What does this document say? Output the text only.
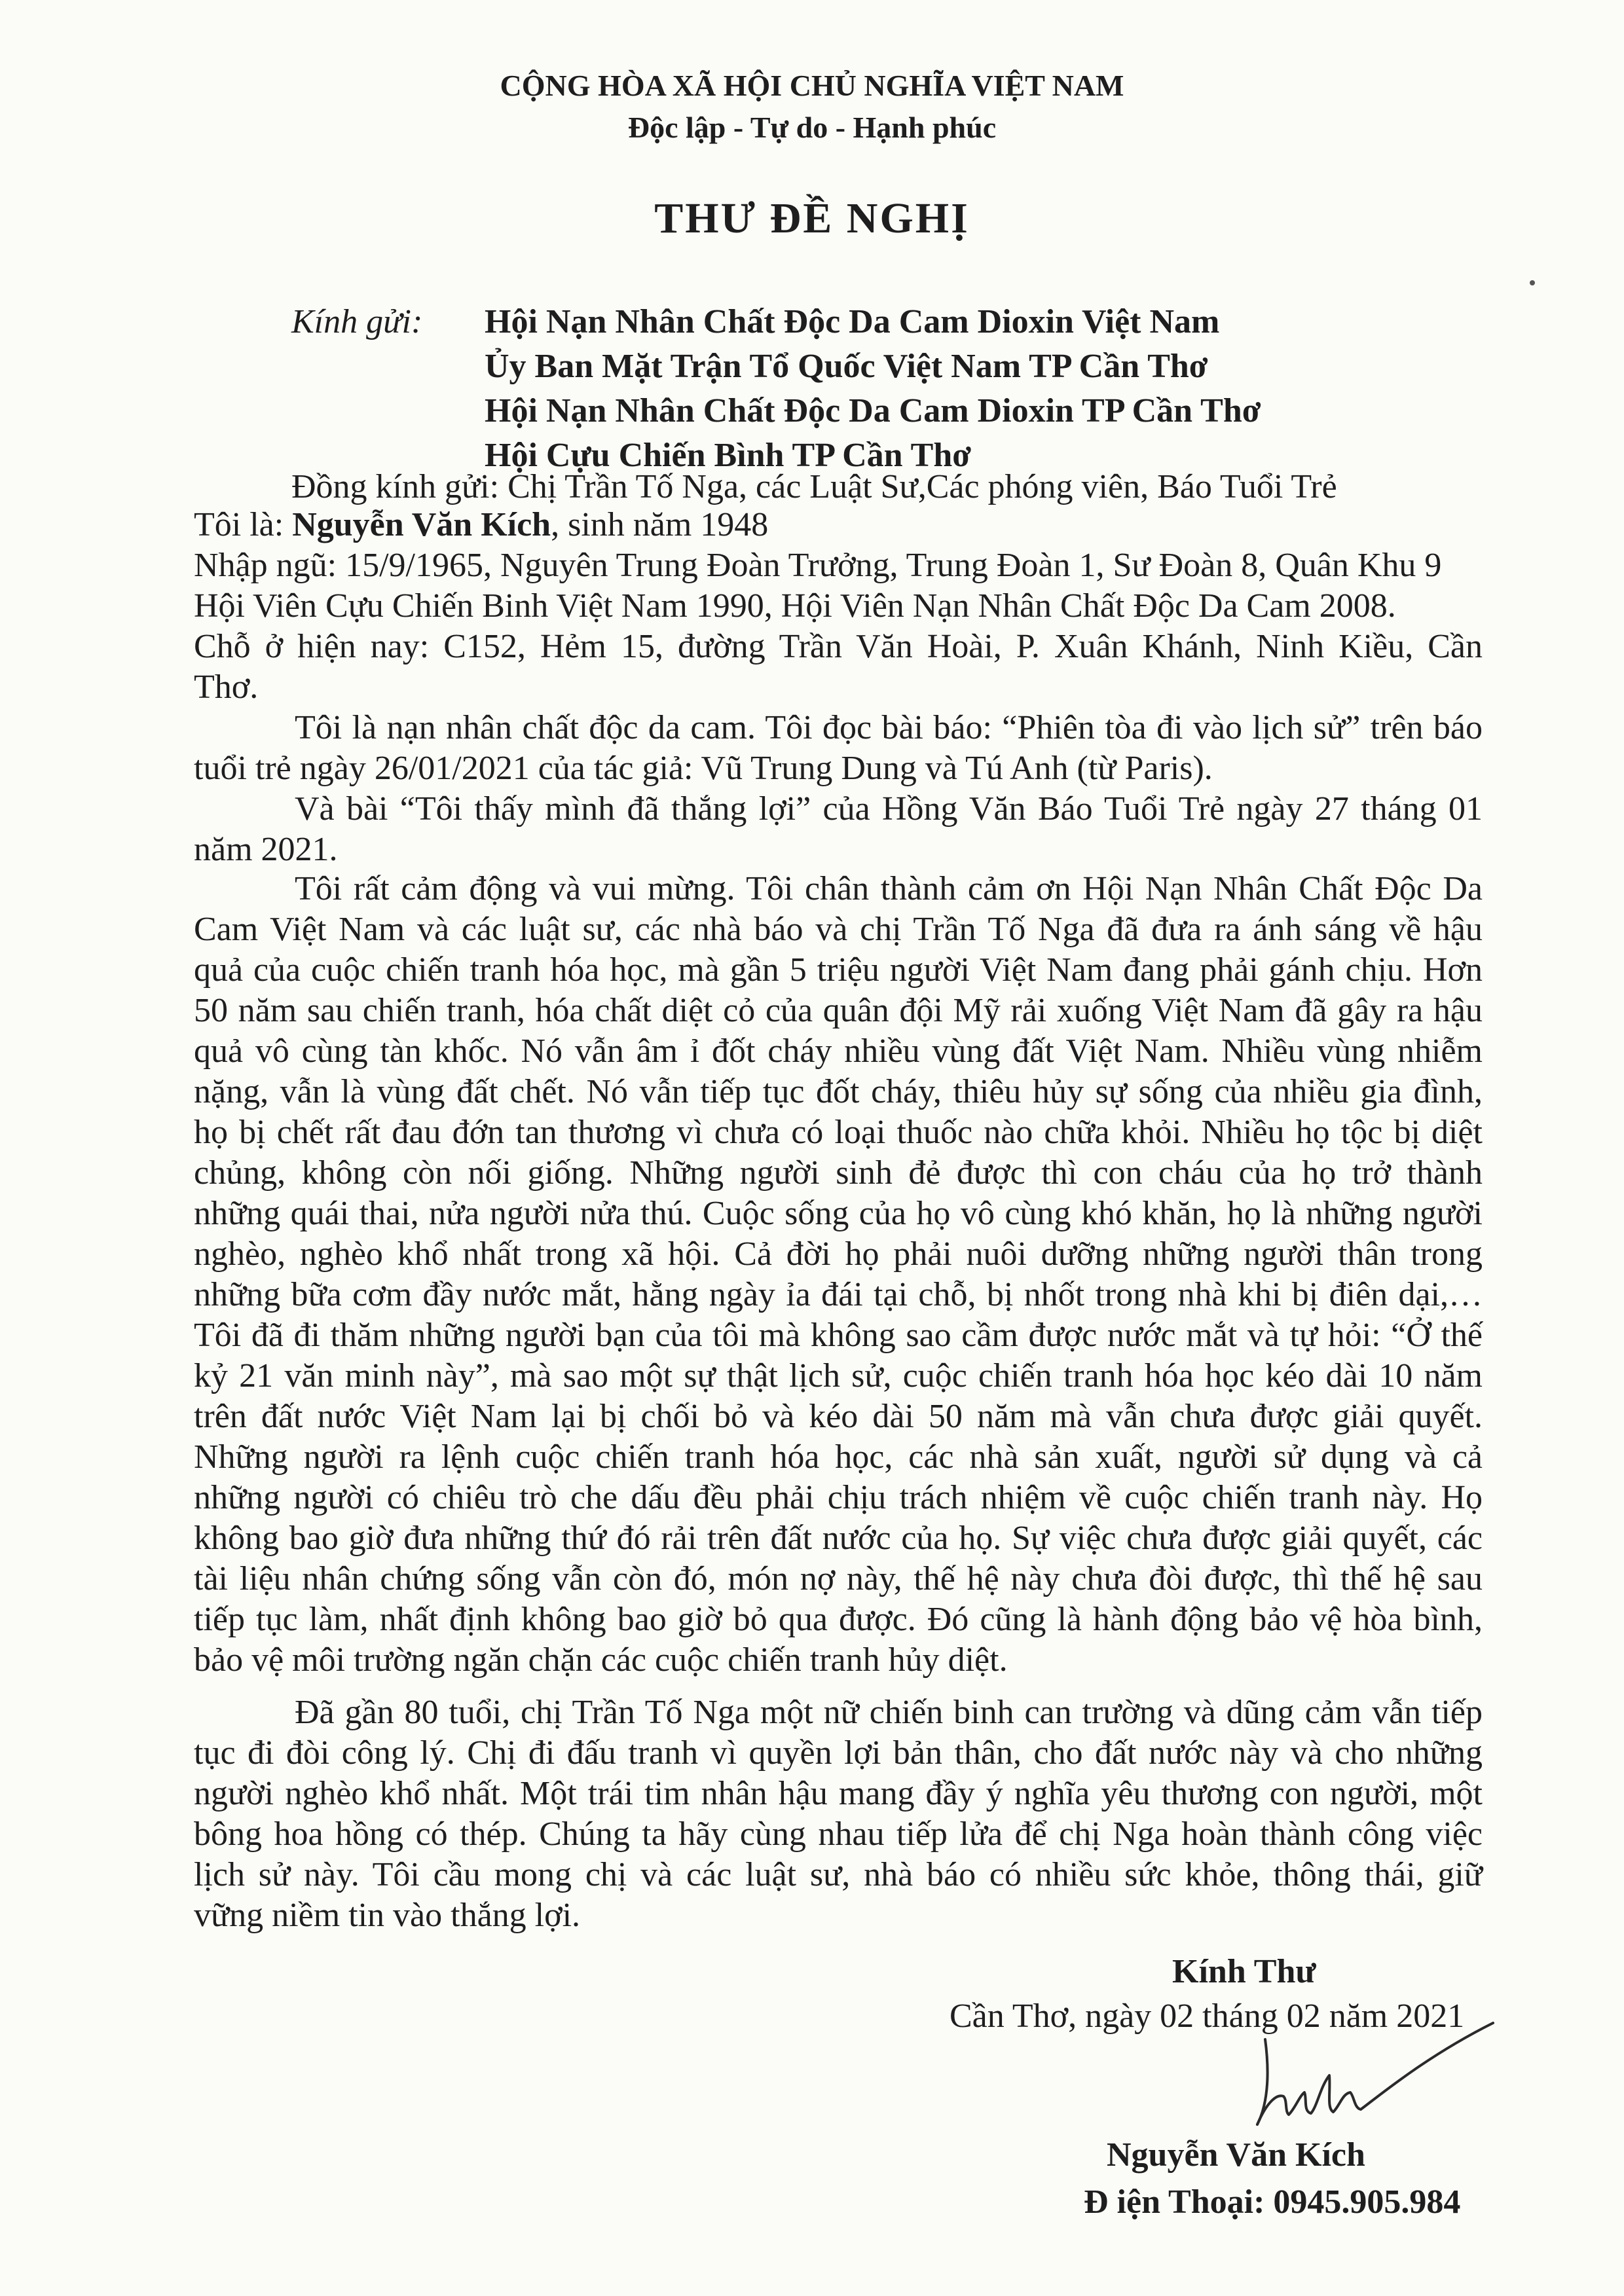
CỘNG HÒA XÃ HỘI CHỦ NGHĨA VIỆT NAM
Độc lập - Tự do - Hạnh phúc
THƯ ĐỀ NGHỊ
Kính gửi: Hội Nạn Nhân Chất Độc Da Cam Dioxin Việt Nam
Ủy Ban Mặt Trận Tổ Quốc Việt Nam TP Cần Thơ
Hội Nạn Nhân Chất Độc Da Cam Dioxin TP Cần Thơ
Hội Cựu Chiến Bình TP Cần Thơ
Đồng kính gửi: Chị Trần Tố Nga, các Luật Sư,Các phóng viên, Báo Tuổi Trẻ
Tôi là: Nguyễn Văn Kích, sinh năm 1948
Nhập ngũ: 15/9/1965, Nguyên Trung Đoàn Trưởng, Trung Đoàn 1, Sư Đoàn 8, Quân Khu 9
Hội Viên Cựu Chiến Binh Việt Nam 1990, Hội Viên Nạn Nhân Chất Độc Da Cam 2008.
Chỗ ở hiện nay: C152, Hẻm 15, đường Trần Văn Hoài, P. Xuân Khánh, Ninh Kiều, Cần
Thơ.
Tôi là nạn nhân chất độc da cam. Tôi đọc bài báo: “Phiên tòa đi vào lịch sử” trên báo
tuổi trẻ ngày 26/01/2021 của tác giả: Vũ Trung Dung và Tú Anh (từ Paris).
Và bài “Tôi thấy mình đã thắng lợi” của Hồng Văn Báo Tuổi Trẻ ngày 27 tháng 01
năm 2021.
Tôi rất cảm động và vui mừng. Tôi chân thành cảm ơn Hội Nạn Nhân Chất Độc Da
Cam Việt Nam và các luật sư, các nhà báo và chị Trần Tố Nga đã đưa ra ánh sáng về hậu
quả của cuộc chiến tranh hóa học, mà gần 5 triệu người Việt Nam đang phải gánh chịu. Hơn
50 năm sau chiến tranh, hóa chất diệt cỏ của quân đội Mỹ rải xuống Việt Nam đã gây ra hậu
quả vô cùng tàn khốc. Nó vẫn âm ỉ đốt cháy nhiều vùng đất Việt Nam. Nhiều vùng nhiễm
nặng, vẫn là vùng đất chết. Nó vẫn tiếp tục đốt cháy, thiêu hủy sự sống của nhiều gia đình,
họ bị chết rất đau đớn tan thương vì chưa có loại thuốc nào chữa khỏi. Nhiều họ tộc bị diệt
chủng, không còn nối giống. Những người sinh đẻ được thì con cháu của họ trở thành
những quái thai, nửa người nửa thú. Cuộc sống của họ vô cùng khó khăn, họ là những người
nghèo, nghèo khổ nhất trong xã hội. Cả đời họ phải nuôi dưỡng những người thân trong
những bữa cơm đầy nước mắt, hằng ngày ỉa đái tại chỗ, bị nhốt trong nhà khi bị điên dại,…
Tôi đã đi thăm những người bạn của tôi mà không sao cầm được nước mắt và tự hỏi: “Ở thế
kỷ 21 văn minh này”, mà sao một sự thật lịch sử, cuộc chiến tranh hóa học kéo dài 10 năm
trên đất nước Việt Nam lại bị chối bỏ và kéo dài 50 năm mà vẫn chưa được giải quyết.
Những người ra lệnh cuộc chiến tranh hóa học, các nhà sản xuất, người sử dụng và cả
những người có chiêu trò che dấu đều phải chịu trách nhiệm về cuộc chiến tranh này. Họ
không bao giờ đưa những thứ đó rải trên đất nước của họ. Sự việc chưa được giải quyết, các
tài liệu nhân chứng sống vẫn còn đó, món nợ này, thế hệ này chưa đòi được, thì thế hệ sau
tiếp tục làm, nhất định không bao giờ bỏ qua được. Đó cũng là hành động bảo vệ hòa bình,
bảo vệ môi trường ngăn chặn các cuộc chiến tranh hủy diệt.
Đã gần 80 tuổi, chị Trần Tố Nga một nữ chiến binh can trường và dũng cảm vẫn tiếp
tục đi đòi công lý. Chị đi đấu tranh vì quyền lợi bản thân, cho đất nước này và cho những
người nghèo khổ nhất. Một trái tim nhân hậu mang đầy ý nghĩa yêu thương con người, một
bông hoa hồng có thép. Chúng ta hãy cùng nhau tiếp lửa để chị Nga hoàn thành công việc
lịch sử này. Tôi cầu mong chị và các luật sư, nhà báo có nhiều sức khỏe, thông thái, giữ
vững niềm tin vào thắng lợi.
Kính Thư
Cần Thơ, ngày 02 tháng 02 năm 2021
Nguyễn Văn Kích
Đ iện Thoại: 0945.905.984
